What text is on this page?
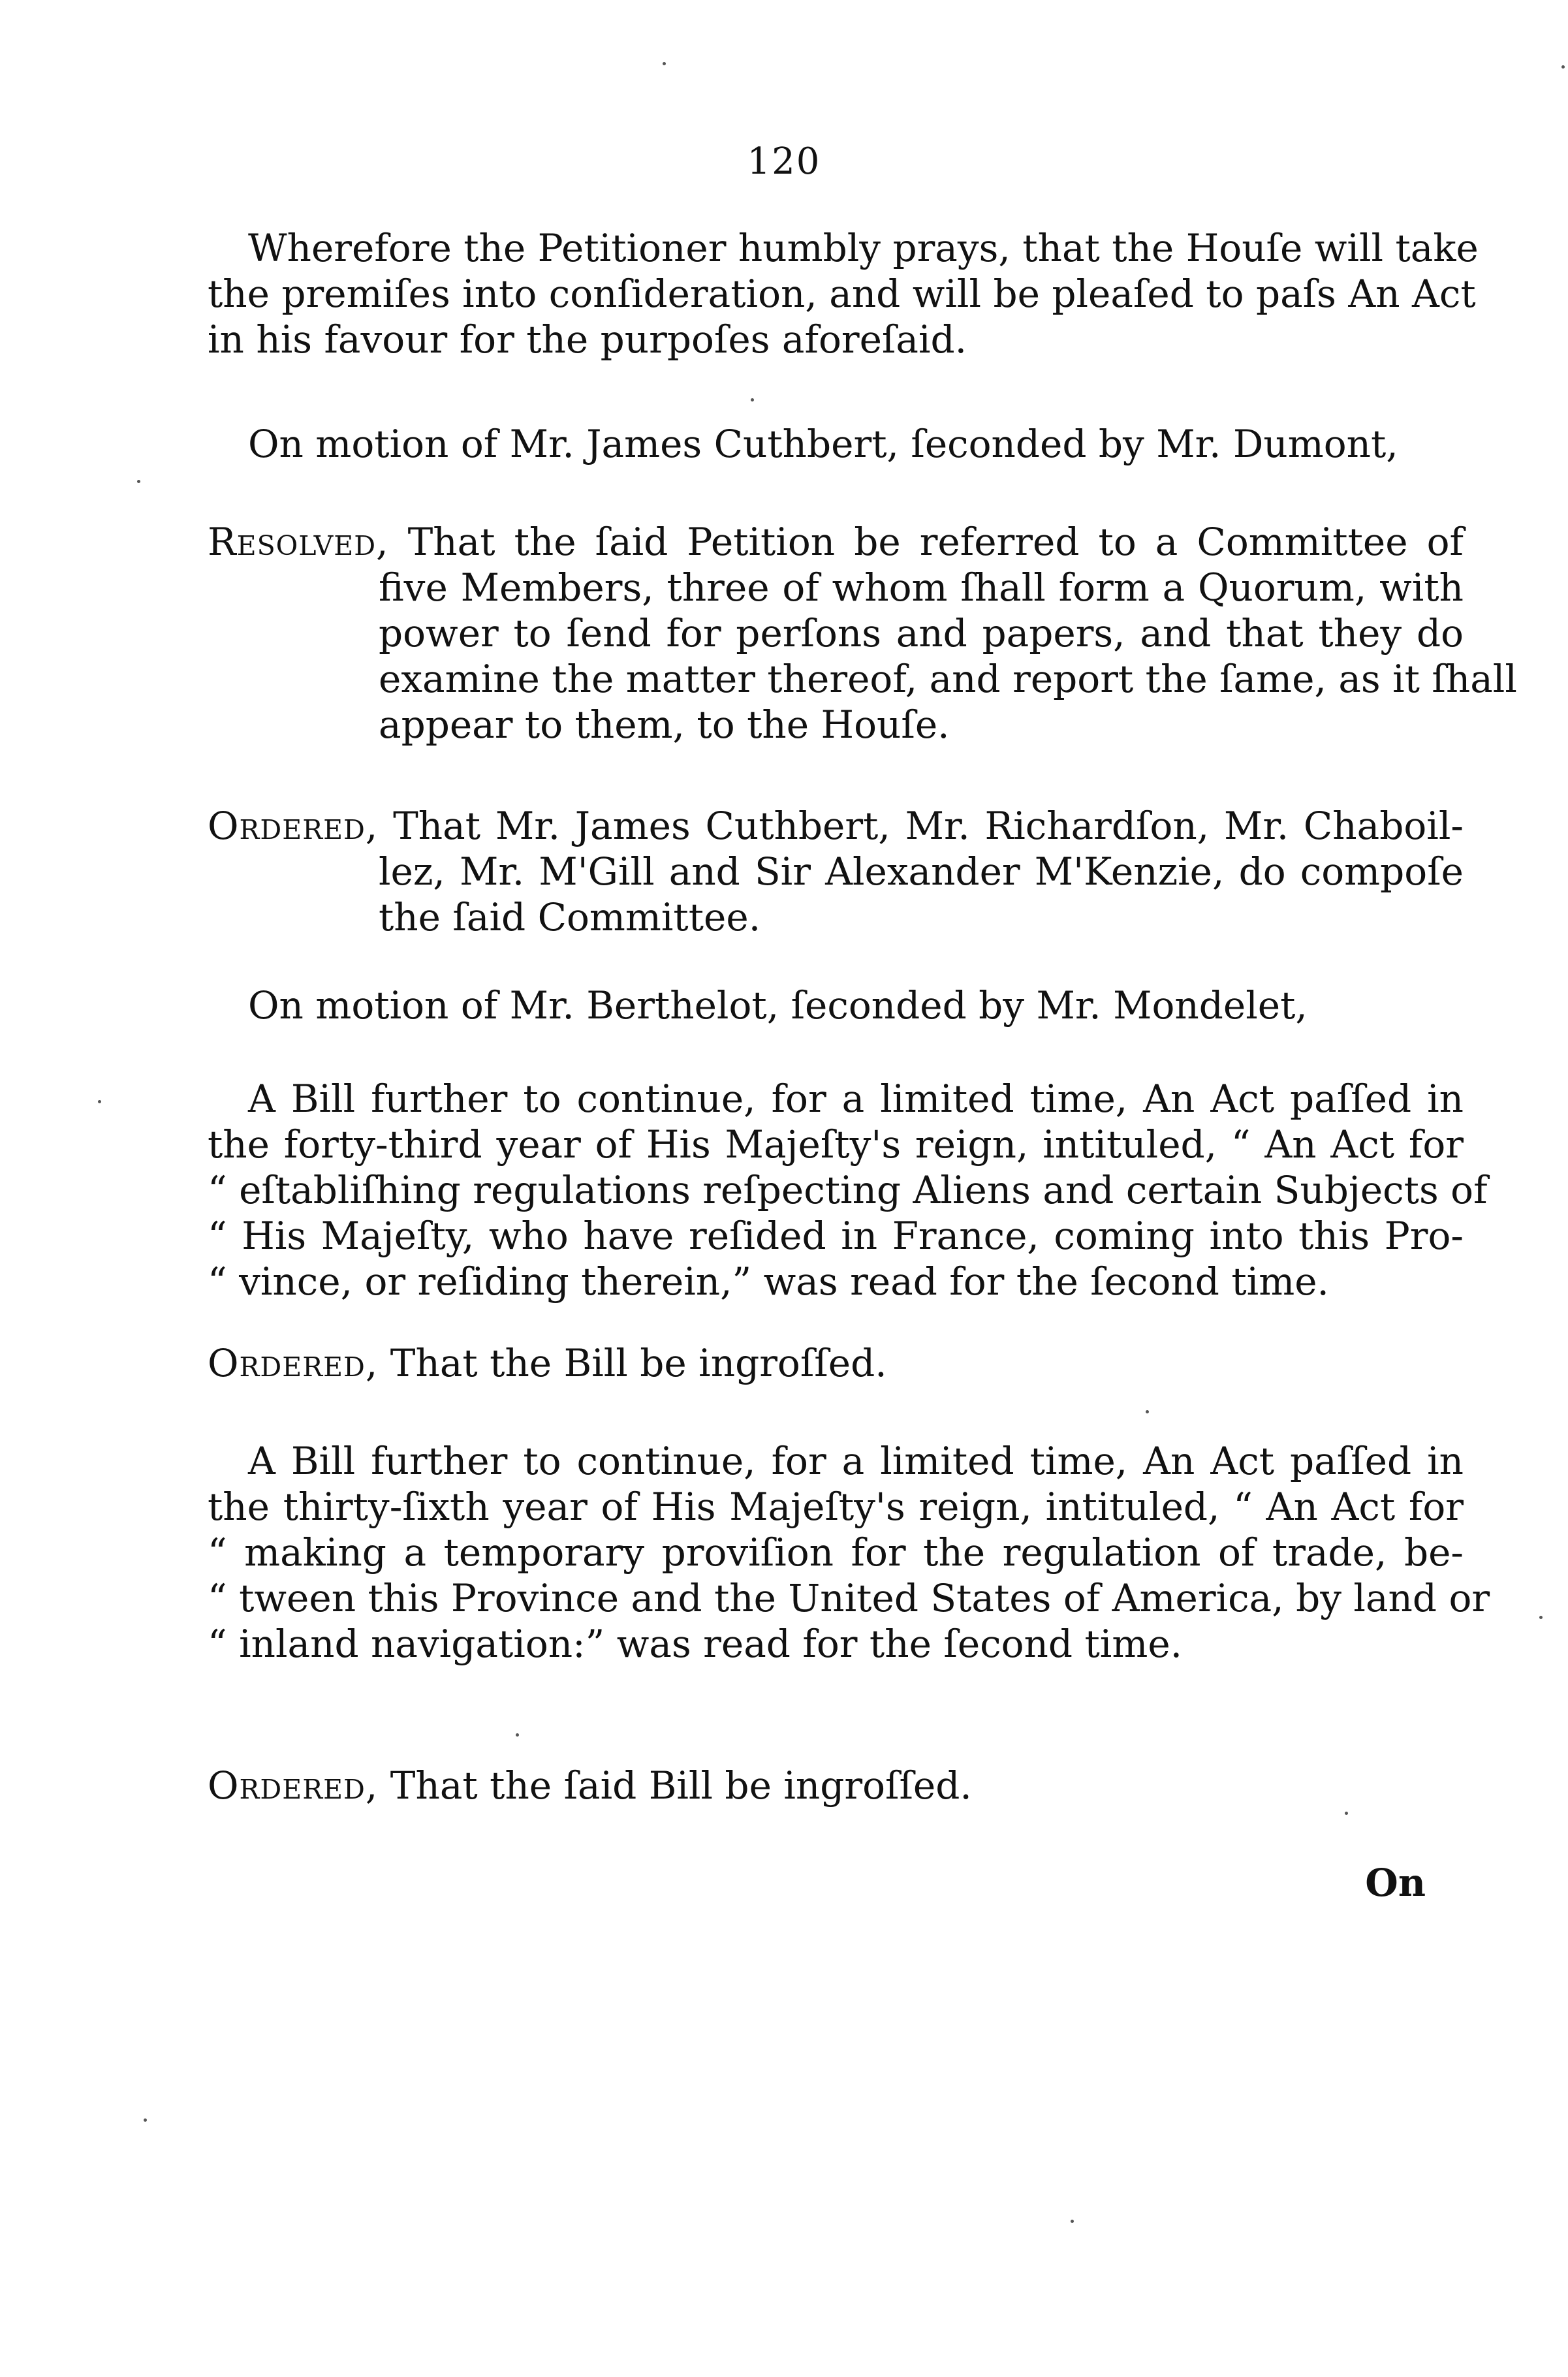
120
Wherefore the Petitioner humbly prays, that the Houſe will take
the premiſes into conſideration, and will be pleaſed to paſs An Act
in his favour for the purpoſes aforeſaid.
On motion of Mr. James Cuthbert, ſeconded by Mr. Dumont,
Resolved, That the ſaid Petition be referred to a Committee of
five Members, three of whom ſhall form a Quorum, with
power to ſend for perſons and papers, and that they do
examine the matter thereof, and report the ſame, as it ſhall
appear to them, to the Houſe.
Ordered, That Mr. James Cuthbert, Mr. Richardſon, Mr. Chaboil-
lez, Mr. M'Gill and Sir Alexander M'Kenzie, do compoſe
the ſaid Committee.
On motion of Mr. Berthelot, ſeconded by Mr. Mondelet,
A Bill further to continue, for a limited time, An Act paſſed in
the forty-third year of His Majeſty's reign, intituled, “ An Act for
“ eſtabliſhing regulations reſpecting Aliens and certain Subjects of
“ His Majeſty, who have reſided in France, coming into this Pro-
“ vince, or reſiding therein,” was read for the ſecond time.
Ordered, That the Bill be ingroſſed.
A Bill further to continue, for a limited time, An Act paſſed in
the thirty-ſixth year of His Majeſty's reign, intituled, “ An Act for
“ making a temporary proviſion for the regulation of trade, be-
“ tween this Province and the United States of America, by land or
“ inland navigation:” was read for the ſecond time.
Ordered, That the ſaid Bill be ingroſſed.
On
